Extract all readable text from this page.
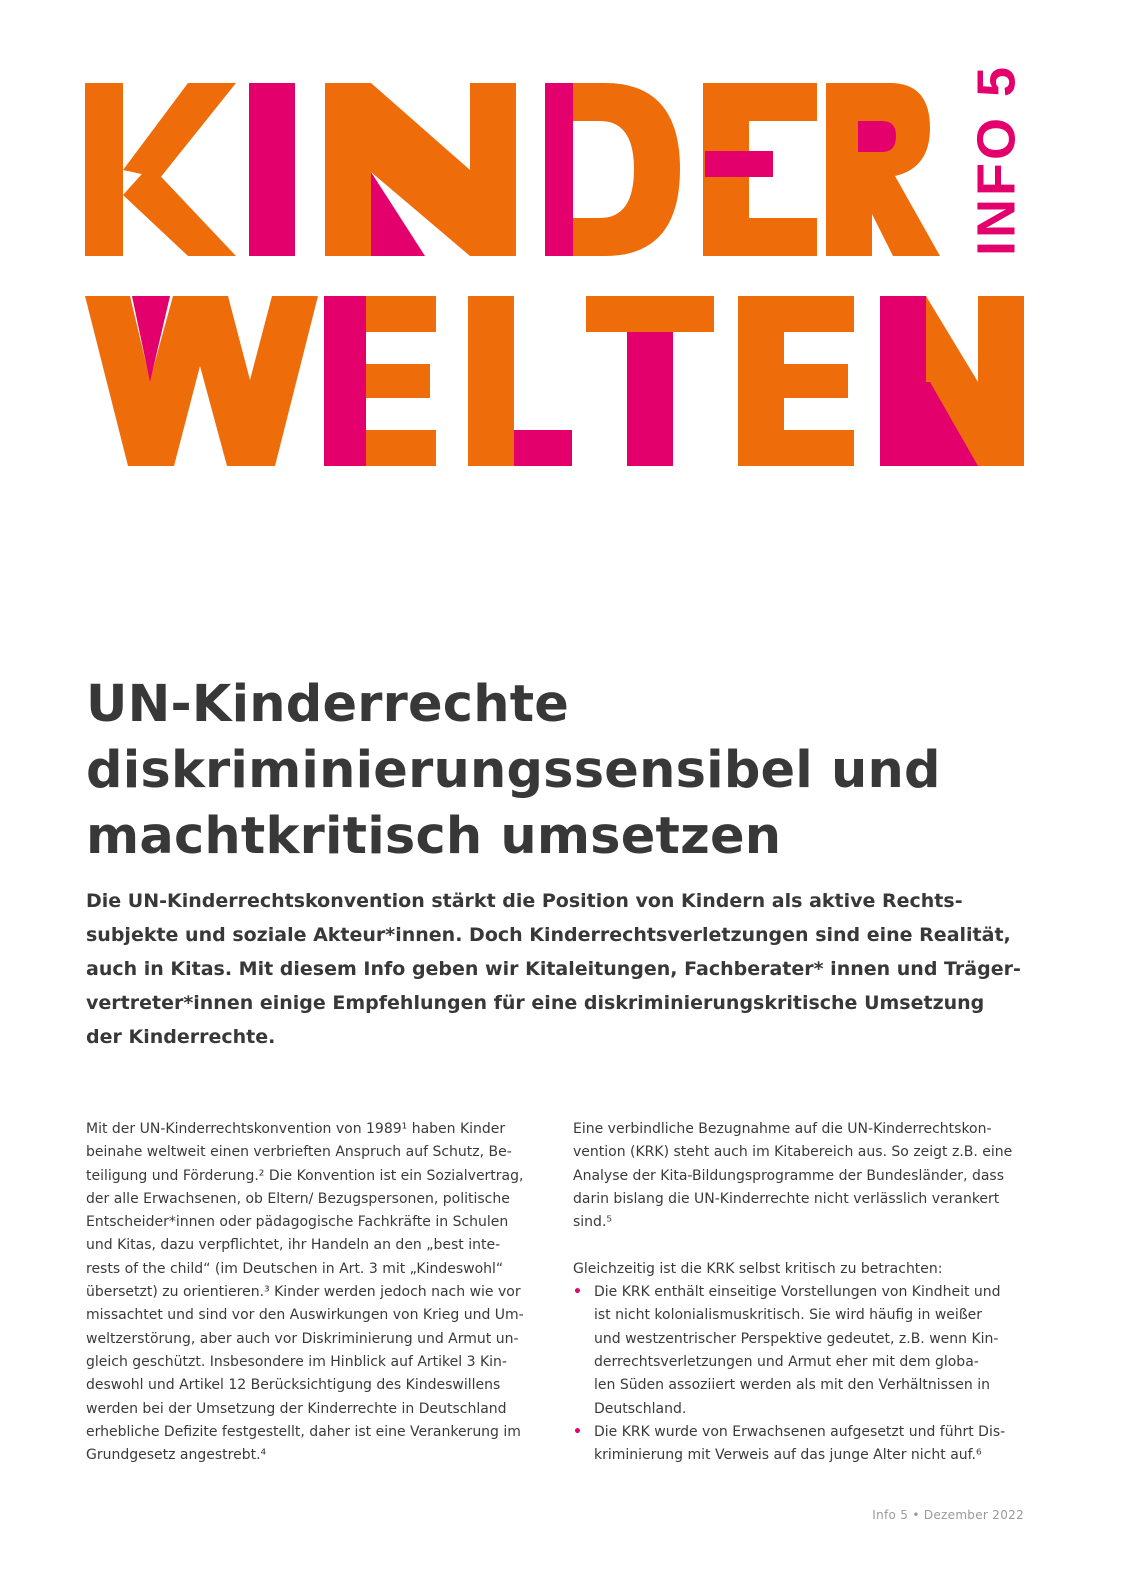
INFO 5
UN-Kinderrechte
diskriminierungssensibel und
machtkritisch umsetzen

Die UN-Kinderrechtskonvention stärkt die Position von Kindern als aktive Rechts-
subjekte und soziale Akteur*innen. Doch Kinderrechtsverletzungen sind eine Realität,
auch in Kitas. Mit diesem Info geben wir Kitaleitungen, Fachberater* innen und Träger-
vertreter*innen einige Empfehlungen für eine diskriminierungskritische Umsetzung
der Kinderrechte.

Mit der UN-Kinderrechtskonvention von 1989¹ haben Kinder

beinahe weltweit einen verbrieften Anspruch auf Schutz, Be-

teiligung und Förderung.² Die Konvention ist ein Sozialvertrag,

der alle Erwachsenen, ob Eltern/ Bezugspersonen, politische

Entscheider*innen oder pädagogische Fachkräfte in Schulen

und Kitas, dazu verpflichtet, ihr Handeln an den „best inte-

rests of the child“ (im Deutschen in Art. 3 mit „Kindeswohl“

übersetzt) zu orientieren.³ Kinder werden jedoch nach wie vor

missachtet und sind vor den Auswirkungen von Krieg und Um-

weltzerstörung, aber auch vor Diskriminierung und Armut un-

gleich geschützt. Insbesondere im Hinblick auf Artikel 3 Kin-

deswohl und Artikel 12 Berücksichtigung des Kindeswillens

werden bei der Umsetzung der Kinderrechte in Deutschland

erhebliche Defizite festgestellt, daher ist eine Verankerung im

Grundgesetz angestrebt.⁴

Eine verbindliche Bezugnahme auf die UN-Kinderrechtskon-

vention (KRK) steht auch im Kitabereich aus. So zeigt z.B. eine

Analyse der Kita-Bildungsprogramme der Bundesländer, dass

darin bislang die UN-Kinderrechte nicht verlässlich verankert

sind.⁵

Gleichzeitig ist die KRK selbst kritisch zu betrachten:

• Die KRK enthält einseitige Vorstellungen von Kindheit und
ist nicht kolonialismuskritisch. Sie wird häufig in weißer
und westzentrischer Perspektive gedeutet, z.B. wenn Kin-
derrechtsverletzungen und Armut eher mit dem globa-
len Süden assoziiert werden als mit den Verhältnissen in
Deutschland.
• Die KRK wurde von Erwachsenen aufgesetzt und führt Dis-
kriminierung mit Verweis auf das junge Alter nicht auf.⁶
Info 5 • Dezember 2022
